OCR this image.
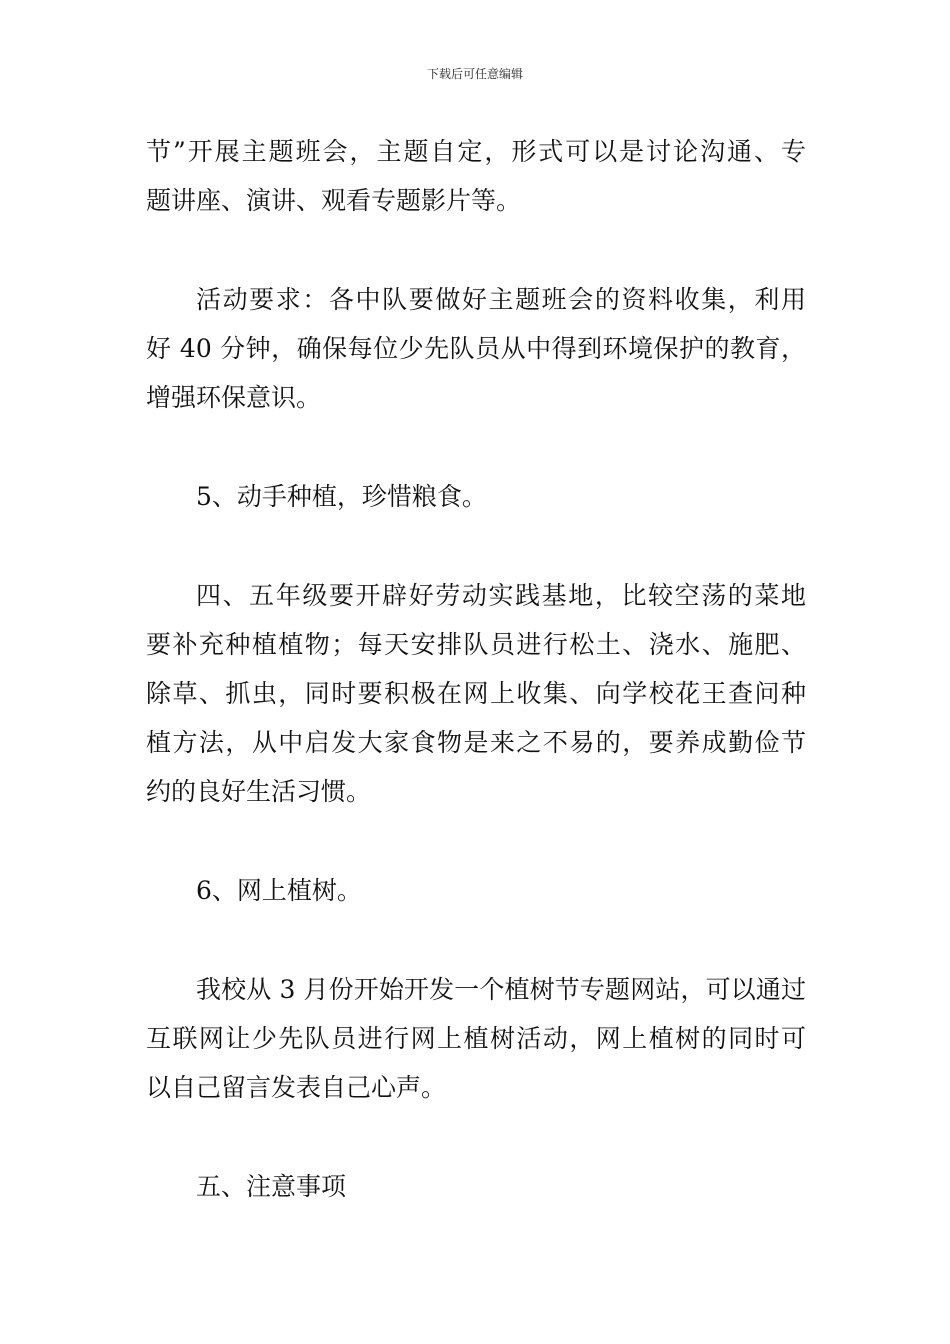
下载后可任意编辑

节”开展主题班会，主题自定，形式可以是讨论沟通、专
题讲座、演讲、观看专题影片等。

活动要求：各中队要做好主题班会的资料收集，利用
好 40 分钟，确保每位少先队员从中得到环境保护的教育，
增强环保意识。

5、动手种植，珍惜粮食。

四、五年级要开辟好劳动实践基地，比较空荡的菜地
要补充种植植物；每天安排队员进行松土、浇水、施肥、
除草、抓虫，同时要积极在网上收集、向学校花王查问种
植方法，从中启发大家食物是来之不易的，要养成勤俭节
约的良好生活习惯。

6、网上植树。

我校从 3 月份开始开发一个植树节专题网站，可以通过
互联网让少先队员进行网上植树活动，网上植树的同时可
以自己留言发表自己心声。

五、注意事项
